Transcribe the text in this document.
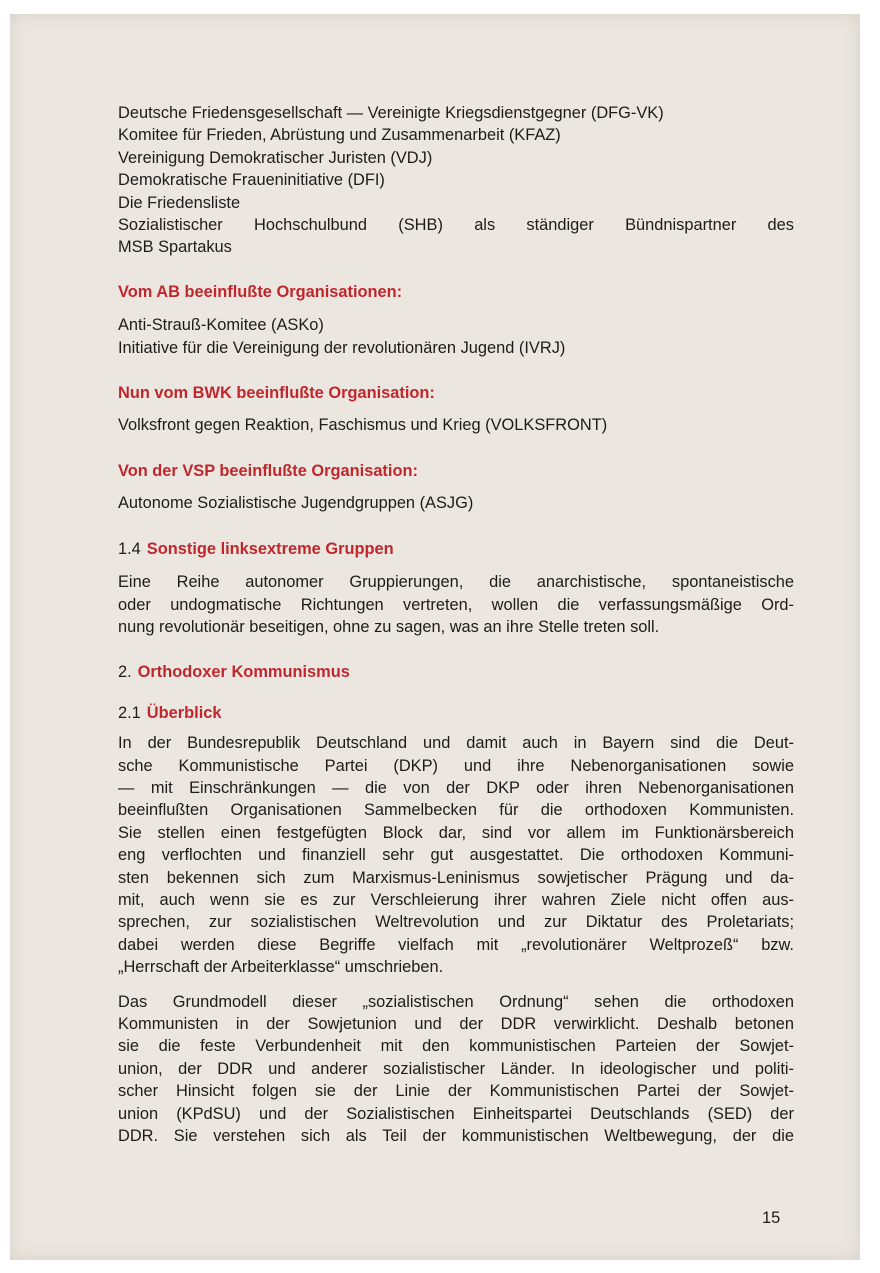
Deutsche Friedensgesellschaft — Vereinigte Kriegsdienstgegner (DFG-VK)
Komitee für Frieden, Abrüstung und Zusammenarbeit (KFAZ)
Vereinigung Demokratischer Juristen (VDJ)
Demokratische Fraueninitiative (DFI)
Die Friedensliste
Sozialistischer Hochschulbund (SHB) als ständiger Bündnispartner des
MSB Spartakus
Vom AB beeinflußte Organisationen:
Anti-Strauß-Komitee (ASKo)
Initiative für die Vereinigung der revolutionären Jugend (IVRJ)
Nun vom BWK beeinflußte Organisation:
Volksfront gegen Reaktion, Faschismus und Krieg (VOLKSFRONT)
Von der VSP beeinflußte Organisation:
Autonome Sozialistische Jugendgruppen (ASJG)
1.4 Sonstige linksextreme Gruppen
Eine Reihe autonomer Gruppierungen, die anarchistische, spontaneistische
oder undogmatische Richtungen vertreten, wollen die verfassungsmäßige Ord-
nung revolutionär beseitigen, ohne zu sagen, was an ihre Stelle treten soll.
2. Orthodoxer Kommunismus
2.1 Überblick
In der Bundesrepublik Deutschland und damit auch in Bayern sind die Deut-
sche Kommunistische Partei (DKP) und ihre Nebenorganisationen sowie
— mit Einschränkungen — die von der DKP oder ihren Nebenorganisationen
beeinflußten Organisationen Sammelbecken für die orthodoxen Kommunisten.
Sie stellen einen festgefügten Block dar, sind vor allem im Funktionärsbereich
eng verflochten und finanziell sehr gut ausgestattet. Die orthodoxen Kommuni-
sten bekennen sich zum Marxismus-Leninismus sowjetischer Prägung und da-
mit, auch wenn sie es zur Verschleierung ihrer wahren Ziele nicht offen aus-
sprechen, zur sozialistischen Weltrevolution und zur Diktatur des Proletariats;
dabei werden diese Begriffe vielfach mit „revolutionärer Weltprozeß“ bzw.
„Herrschaft der Arbeiterklasse“ umschrieben.
Das Grundmodell dieser „sozialistischen Ordnung“ sehen die orthodoxen
Kommunisten in der Sowjetunion und der DDR verwirklicht. Deshalb betonen
sie die feste Verbundenheit mit den kommunistischen Parteien der Sowjet-
union, der DDR und anderer sozialistischer Länder. In ideologischer und politi-
scher Hinsicht folgen sie der Linie der Kommunistischen Partei der Sowjet-
union (KPdSU) und der Sozialistischen Einheitspartei Deutschlands (SED) der
DDR. Sie verstehen sich als Teil der kommunistischen Weltbewegung, der die
15
